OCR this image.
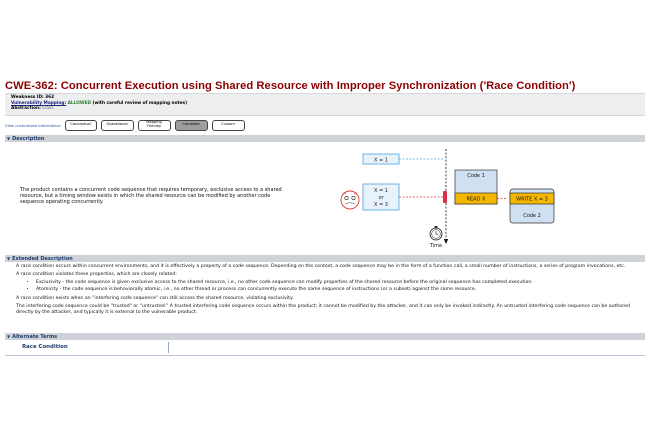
CWE-362: Concurrent Execution using Shared Resource with Improper Synchronization ('Race Condition')
Weakness ID: 362
Vulnerability Mapping: ALLOWED (with careful review of mapping notes)
Abstraction: Class
View customized information:	Conceptual	Operational	Mapping Friendly	Complete	Custom
▼ Description
The product contains a concurrent code sequence that requires temporary, exclusive access to a shared resource, but a timing window exists in which the shared resource can be modified by another code sequence operating concurrently.
X = 1
X = 1
or
X = 3
Code 1
READ X	WRITE X = 3
Code 2
Time
▼ Extended Description

A race condition occurs within concurrent environments, and it is effectively a property of a code sequence. Depending on the context, a code sequence may be in the form of a function call, a small number of instructions, a series of program invocations, etc.

A race condition violates these properties, which are closely related:

• Exclusivity - the code sequence is given exclusive access to the shared resource, i.e., no other code sequence can modify properties of the shared resource before the original sequence has completed execution.
• Atomicity - the code sequence is behaviorally atomic, i.e., no other thread or process can concurrently execute the same sequence of instructions (or a subset) against the same resource.

A race condition exists when an "interfering code sequence" can still access the shared resource, violating exclusivity.

The interfering code sequence could be "trusted" or "untrusted." A trusted interfering code sequence occurs within the product; it cannot be modified by the attacker, and it can only be invoked indirectly. An untrusted interfering code sequence can be authored directly by the attacker, and typically it is external to the vulnerable product.

▼ Alternate Terms
Race Condition
